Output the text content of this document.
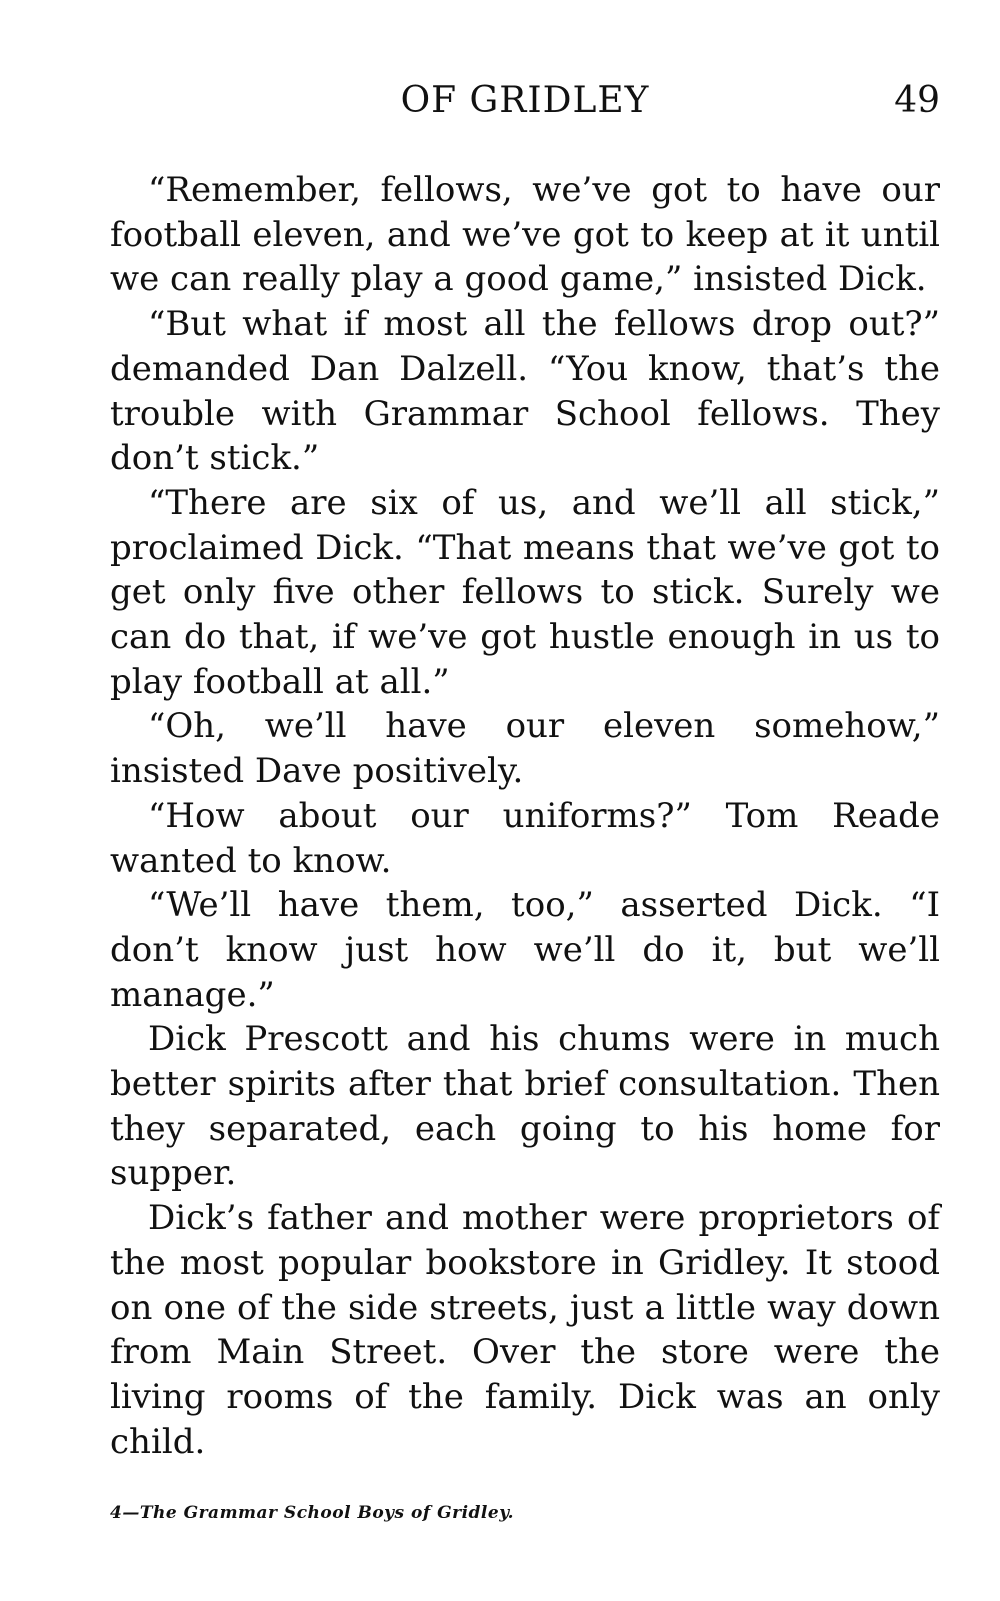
OF GRIDLEY	49

“Remember, fellows, we’ve got to have our football eleven, and we’ve got to keep at it until we can really play a good game,” insisted Dick.

“But what if most all the fellows drop out?” demanded Dan Dalzell. “You know, that’s the trouble with Grammar School fellows. They don’t stick.”

“There are six of us, and we’ll all stick,” proclaimed Dick. “That means that we’ve got to get only five other fellows to stick. Surely we can do that, if we’ve got hustle enough in us to play football at all.”

“Oh, we’ll have our eleven somehow,” insisted Dave positively.

“How about our uniforms?” Tom Reade wanted to know.

“We’ll have them, too,” asserted Dick. “I don’t know just how we’ll do it, but we’ll manage.”

Dick Prescott and his chums were in much better spirits after that brief consultation. Then they separated, each going to his home for supper.

Dick’s father and mother were proprietors of the most popular bookstore in Gridley. It stood on one of the side streets, just a little way down from Main Street. Over the store were the living rooms of the family. Dick was an only child.

4—The Grammar School Boys of Gridley.
